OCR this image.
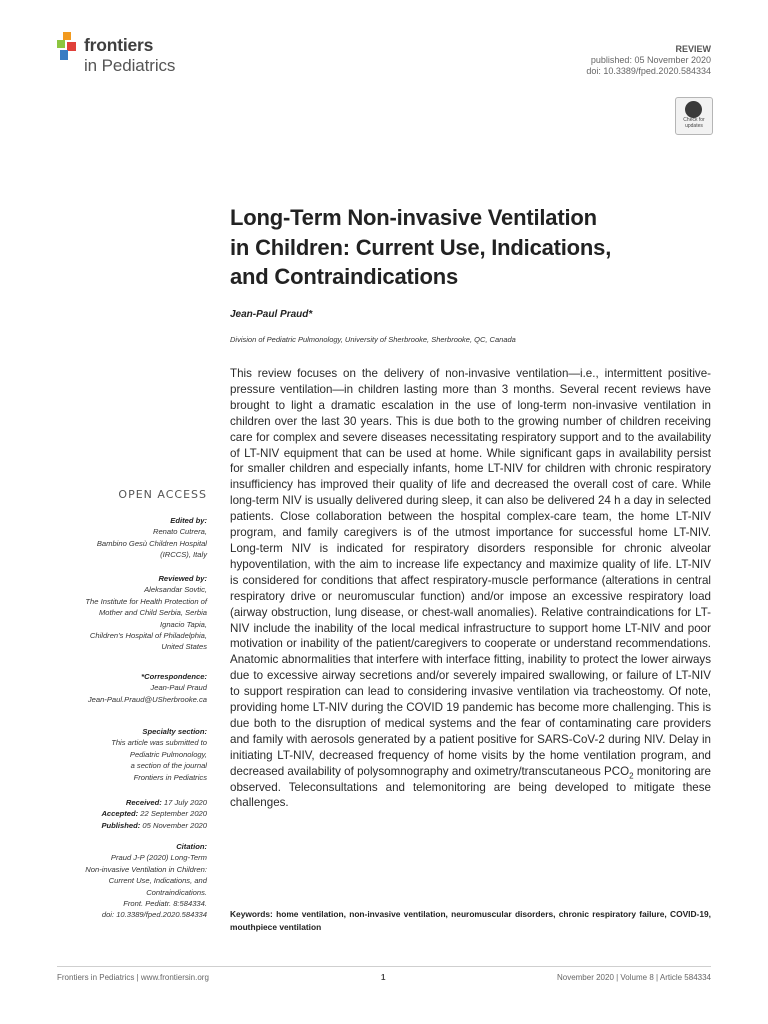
frontiers
in Pediatrics
REVIEW
published: 05 November 2020
doi: 10.3389/fped.2020.584334
Check for
updates
Long-Term Non-invasive Ventilation
in Children: Current Use, Indications,
and Contraindications
Jean-Paul Praud*
Division of Pediatric Pulmonology, University of Sherbrooke, Sherbrooke, QC, Canada
This review focuses on the delivery of non-invasive ventilation—i.e., intermittent positive-pressure ventilation—in children lasting more than 3 months. Several recent reviews have brought to light a dramatic escalation in the use of long-term non-invasive ventilation in children over the last 30 years. This is due both to the growing number of children receiving care for complex and severe diseases necessitating respiratory support and to the availability of LT-NIV equipment that can be used at home. While significant gaps in availability persist for smaller children and especially infants, home LT-NIV for children with chronic respiratory insufficiency has improved their quality of life and decreased the overall cost of care. While long-term NIV is usually delivered during sleep, it can also be delivered 24 h a day in selected patients. Close collaboration between the hospital complex-care team, the home LT-NIV program, and family caregivers is of the utmost importance for successful home LT-NIV. Long-term NIV is indicated for respiratory disorders responsible for chronic alveolar hypoventilation, with the aim to increase life expectancy and maximize quality of life. LT-NIV is considered for conditions that affect respiratory-muscle performance (alterations in central respiratory drive or neuromuscular function) and/or impose an excessive respiratory load (airway obstruction, lung disease, or chest-wall anomalies). Relative contraindications for LT-NIV include the inability of the local medical infrastructure to support home LT-NIV and poor motivation or inability of the patient/caregivers to cooperate or understand recommendations. Anatomic abnormalities that interfere with interface fitting, inability to protect the lower airways due to excessive airway secretions and/or severely impaired swallowing, or failure of LT-NIV to support respiration can lead to considering invasive ventilation via tracheostomy. Of note, providing home LT-NIV during the COVID 19 pandemic has become more challenging. This is due both to the disruption of medical systems and the fear of contaminating care providers and family with aerosols generated by a patient positive for SARS-CoV-2 during NIV. Delay in initiating LT-NIV, decreased frequency of home visits by the home ventilation program, and decreased availability of polysomnography and oximetry/transcutaneous $PCO_2$ monitoring are observed. Teleconsultations and telemonitoring are being developed to mitigate these challenges.
Keywords: home ventilation, non-invasive ventilation, neuromuscular disorders, chronic respiratory failure, COVID-19, mouthpiece ventilation
OPEN ACCESS
Edited by:
Renato Cutrera,
Bambino Gesù Children Hospital
(IRCCS), Italy
Reviewed by:
Aleksandar Sovtic,
The Institute for Health Protection of
Mother and Child Serbia, Serbia
Ignacio Tapia,
Children's Hospital of Philadelphia,
United States
*Correspondence:
Jean-Paul Praud
Jean-Paul.Praud@USherbrooke.ca
Specialty section:
This article was submitted to
Pediatric Pulmonology,
a section of the journal
Frontiers in Pediatrics
Received: 17 July 2020
Accepted: 22 September 2020
Published: 05 November 2020
Citation:
Praud J-P (2020) Long-Term
Non-invasive Ventilation in Children:
Current Use, Indications, and
Contraindications.
Front. Pediatr. 8:584334.
doi: 10.3389/fped.2020.584334
Frontiers in Pediatrics | www.frontiersin.org	1	November 2020 | Volume 8 | Article 584334
